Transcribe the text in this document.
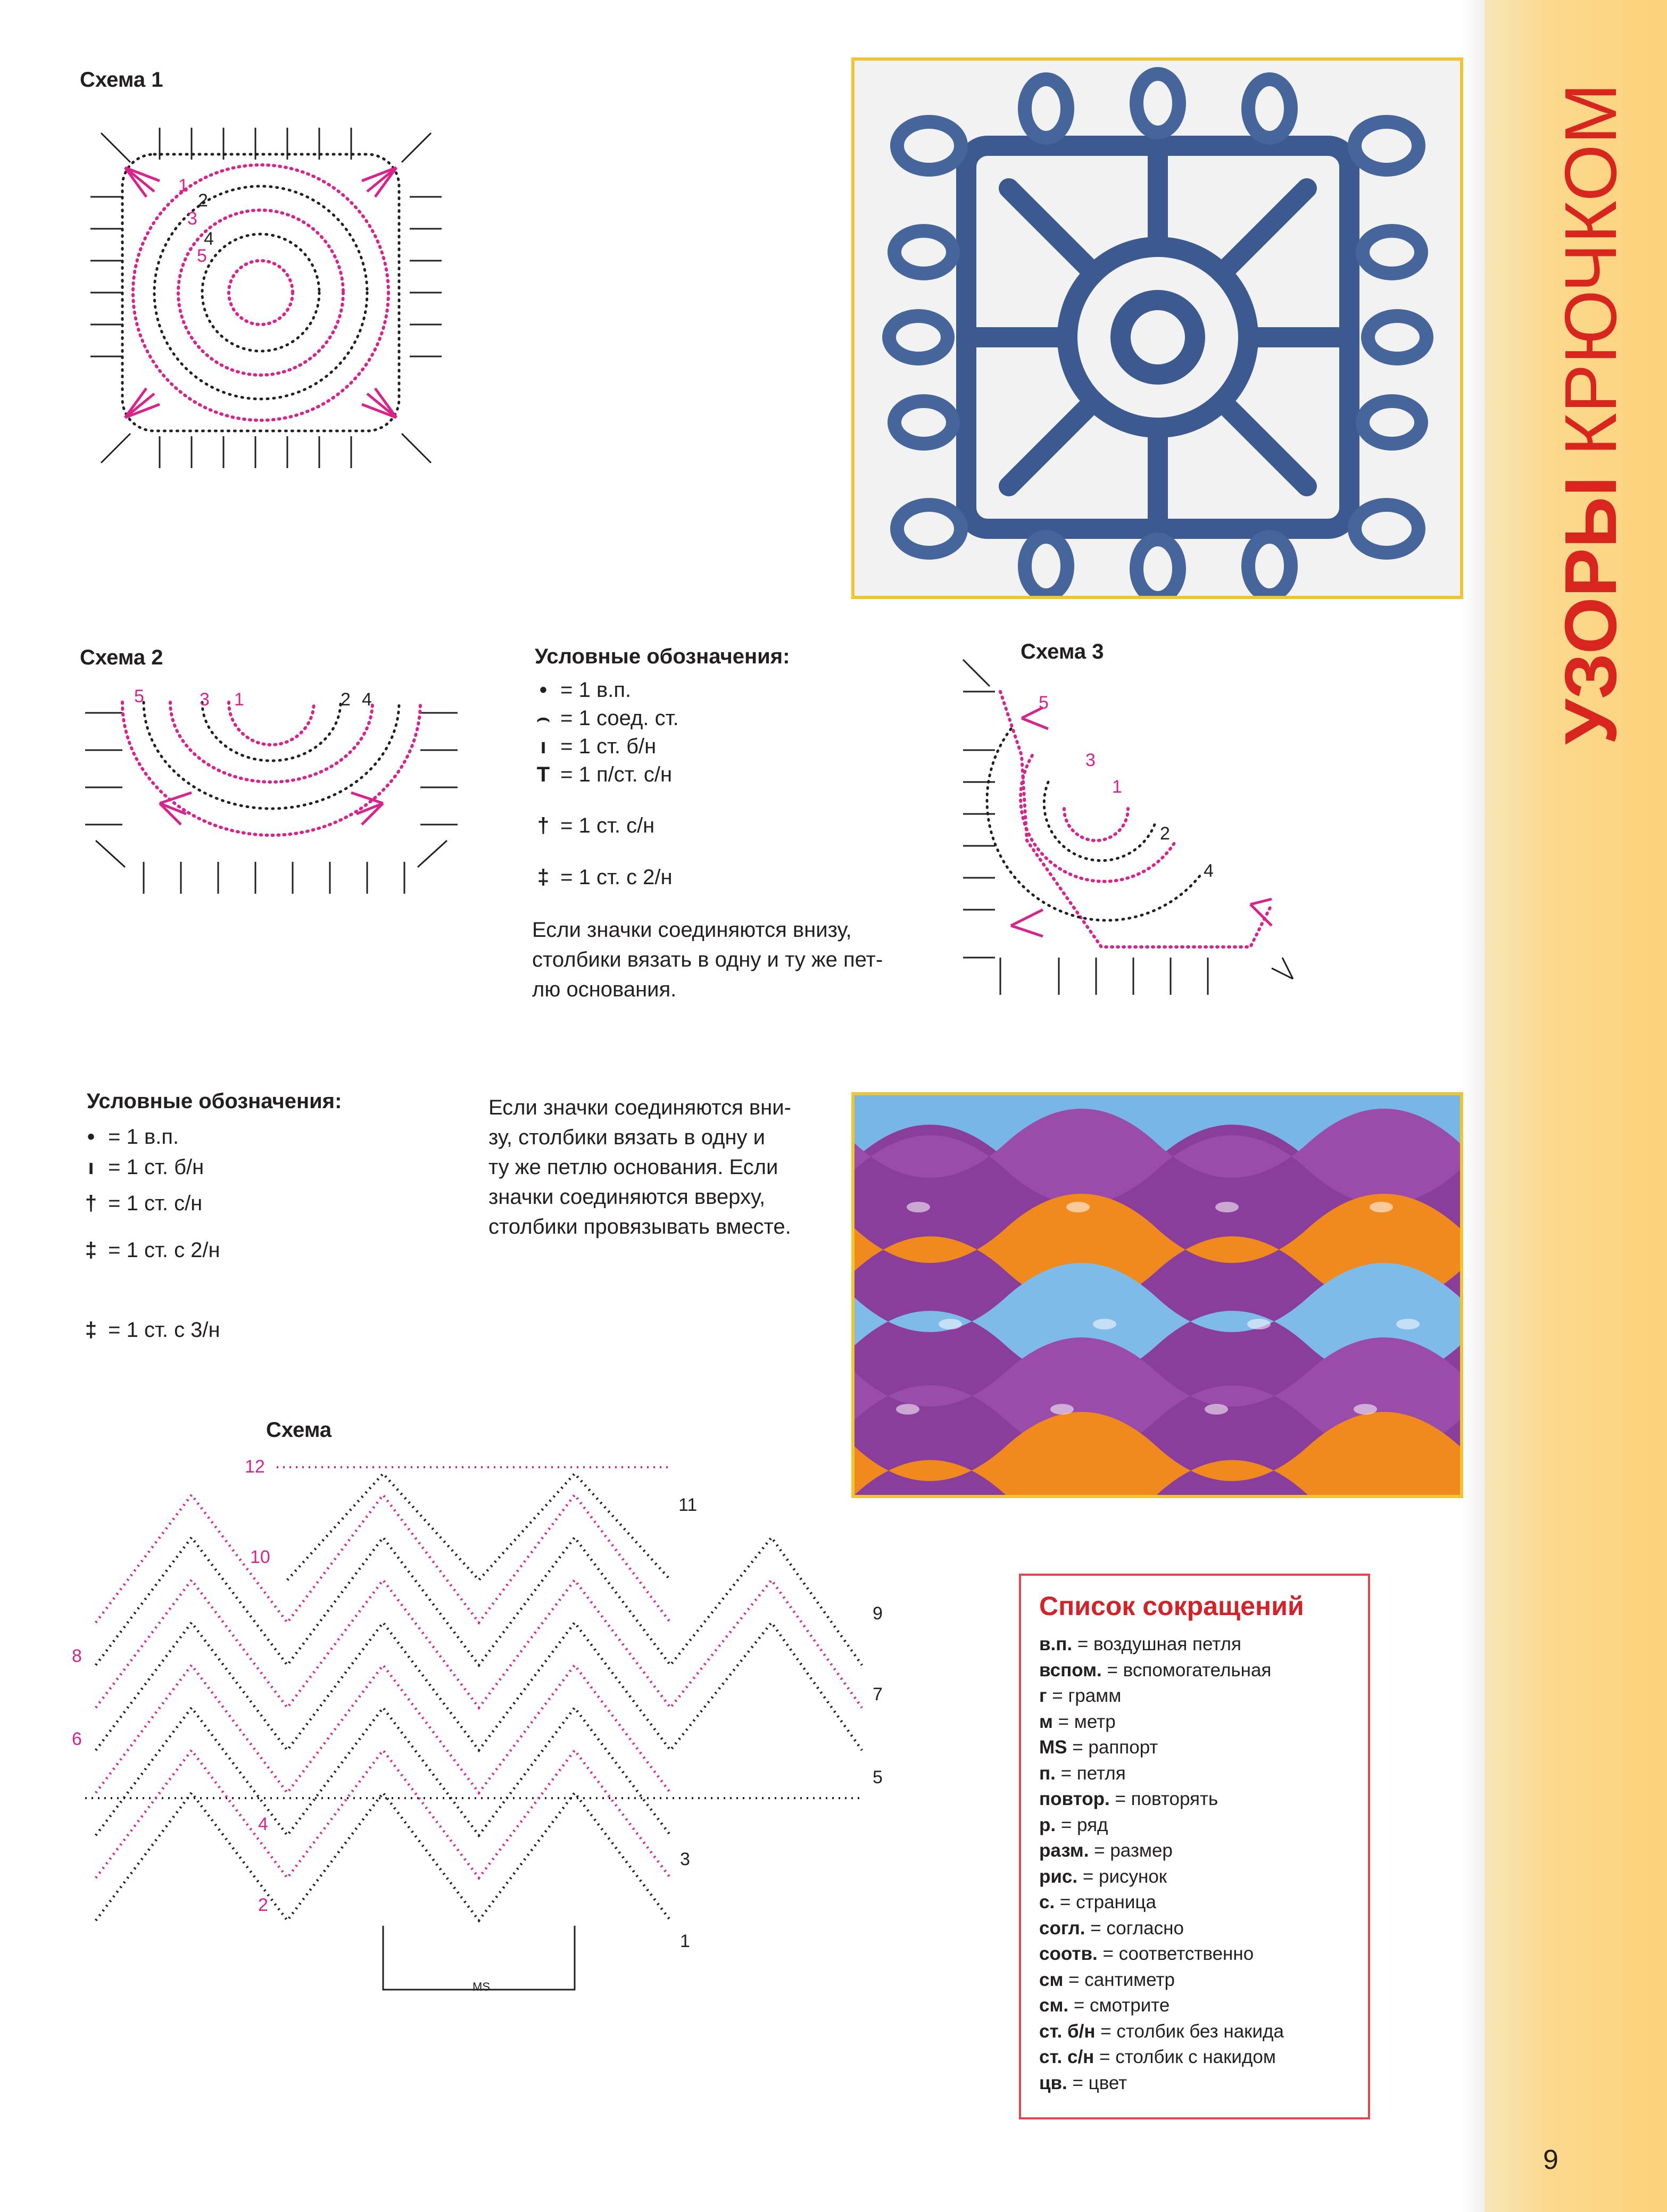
УЗОРЫ КРЮЧКОМ
9
Схема 1
1
2
3
4
5
Схема 2
1	2
3	4
5
Условные обозначения:
• = 1 в.п.
⌢ = 1 соед. ст.
ı = 1 ст. б/н
T = 1 п/ст. с/н
† = 1 ст. с/н
‡ = 1 ст. с 2/н
Если значки соединяются внизу,
столбики вязать в одну и ту же пет-
лю основания.
Схема 3
1
2
3
4
5
Условные обозначения:
• = 1 в.п.
ı = 1 ст. б/н
† = 1 ст. с/н
‡ = 1 ст. с 2/н
‡ = 1 ст. с 3/н
Если значки соединяются вни-
зу, столбики вязать в одну и
ту же петлю основания. Если
значки соединяются вверху,
столбики провязывать вместе.
Схема
12
10
8
6
4
2
11
9
7
5
3
1
MS
Список сокращений
в.п. = воздушная петля
вспом. = вспомогательная
г = грамм
м = метр
MS = раппорт
п. = петля
повтор. = повторять
р. = ряд
разм. = размер
рис. = рисунок
с. = страница
согл. = согласно
соотв. = соответственно
см = сантиметр
см. = смотрите
ст. б/н = столбик без накида
ст. с/н = столбик с накидом
цв. = цвет
